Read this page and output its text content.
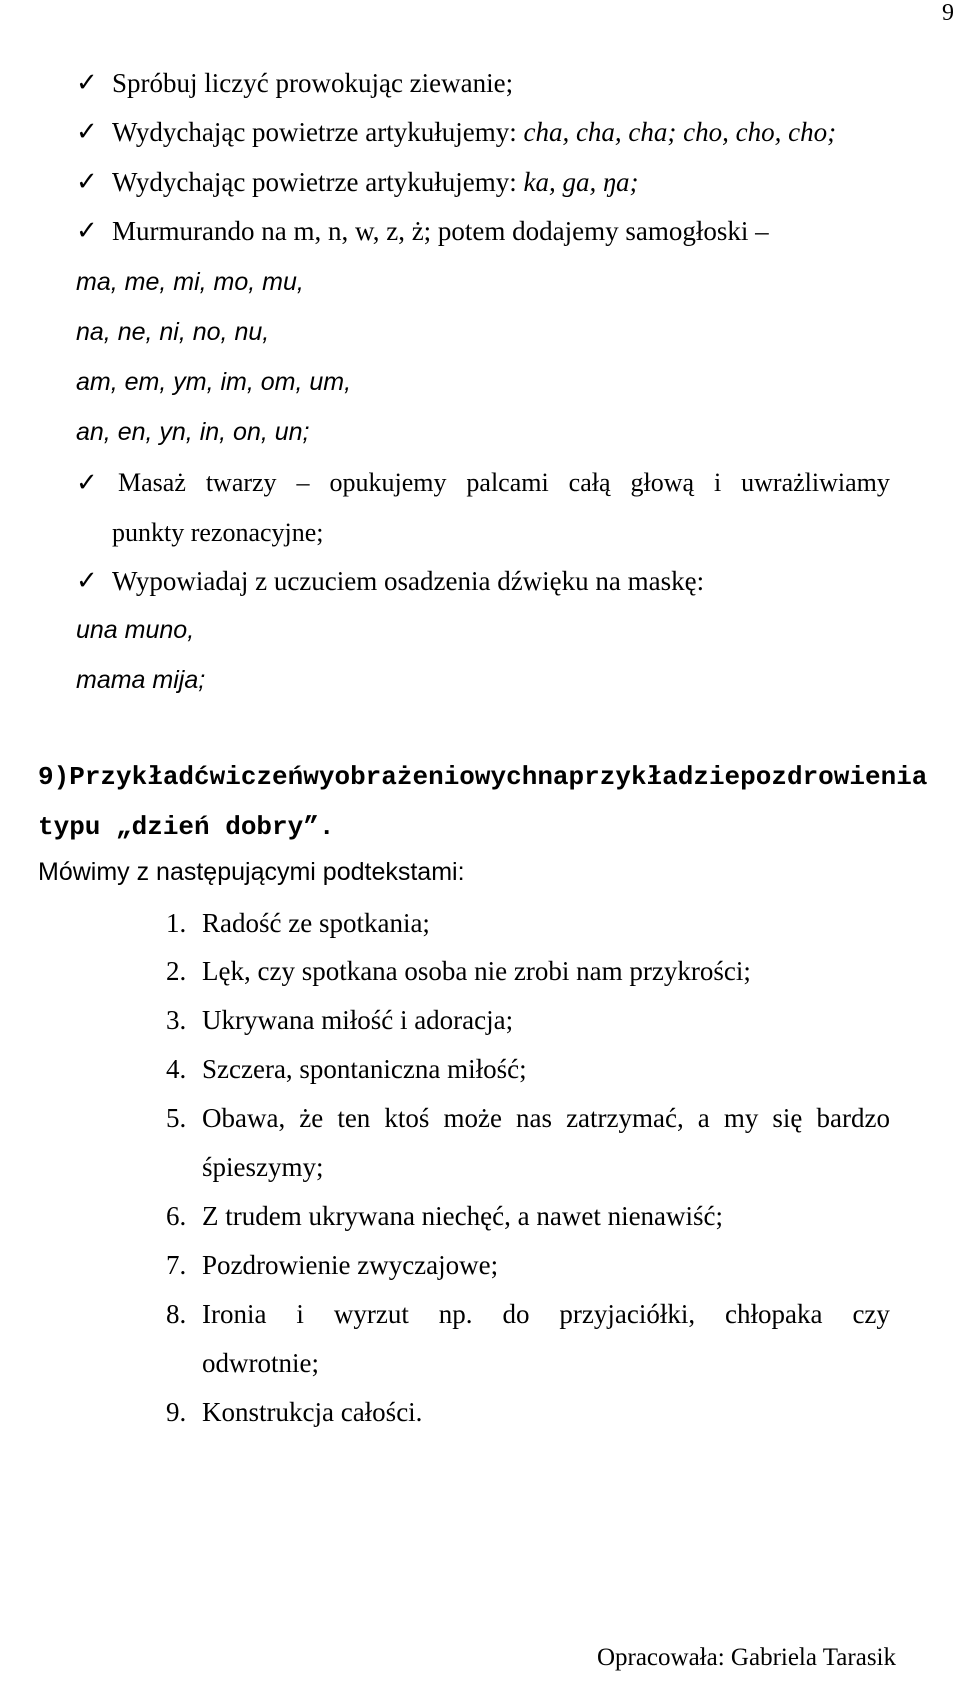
9
✓ Spróbuj liczyć prowokując ziewanie;
✓ Wydychając powietrze artykułujemy: cha, cha, cha; cho, cho, cho;
✓ Wydychając powietrze artykułujemy: ka, ga, ŋa;
✓ Murmurando na m, n, w, z, ż; potem dodajemy samogłoski –
ma, me, mi, mo, mu,
na, ne, ni, no, nu,
am, em, ym, im, om, um,
an, en, yn, in, on, un;
✓ Masaż twarzy – opukujemy palcami całą głową i uwrażliwiamy
punkty rezonacyjne;
✓ Wypowiadaj z uczuciem osadzenia dźwięku na maskę:
una muno,
mama mija;
9) Przykład ćwiczeń wyobrażeniowych na przykładzie pozdrowienia
typu „dzień dobry”.
Mówimy z następującymi podtekstami:
1. Radość ze spotkania;
2. Lęk, czy spotkana osoba nie zrobi nam przykrości;
3. Ukrywana miłość i adoracja;
4. Szczera, spontaniczna miłość;
5. Obawa, że ten ktoś może nas zatrzymać, a my się bardzo
śpieszymy;
6. Z trudem ukrywana niechęć, a nawet nienawiść;
7. Pozdrowienie zwyczajowe;
8. Ironia i wyrzut np. do przyjaciółki, chłopaka czy
odwrotnie;
9. Konstrukcja całości.
Opracowała: Gabriela Tarasik
